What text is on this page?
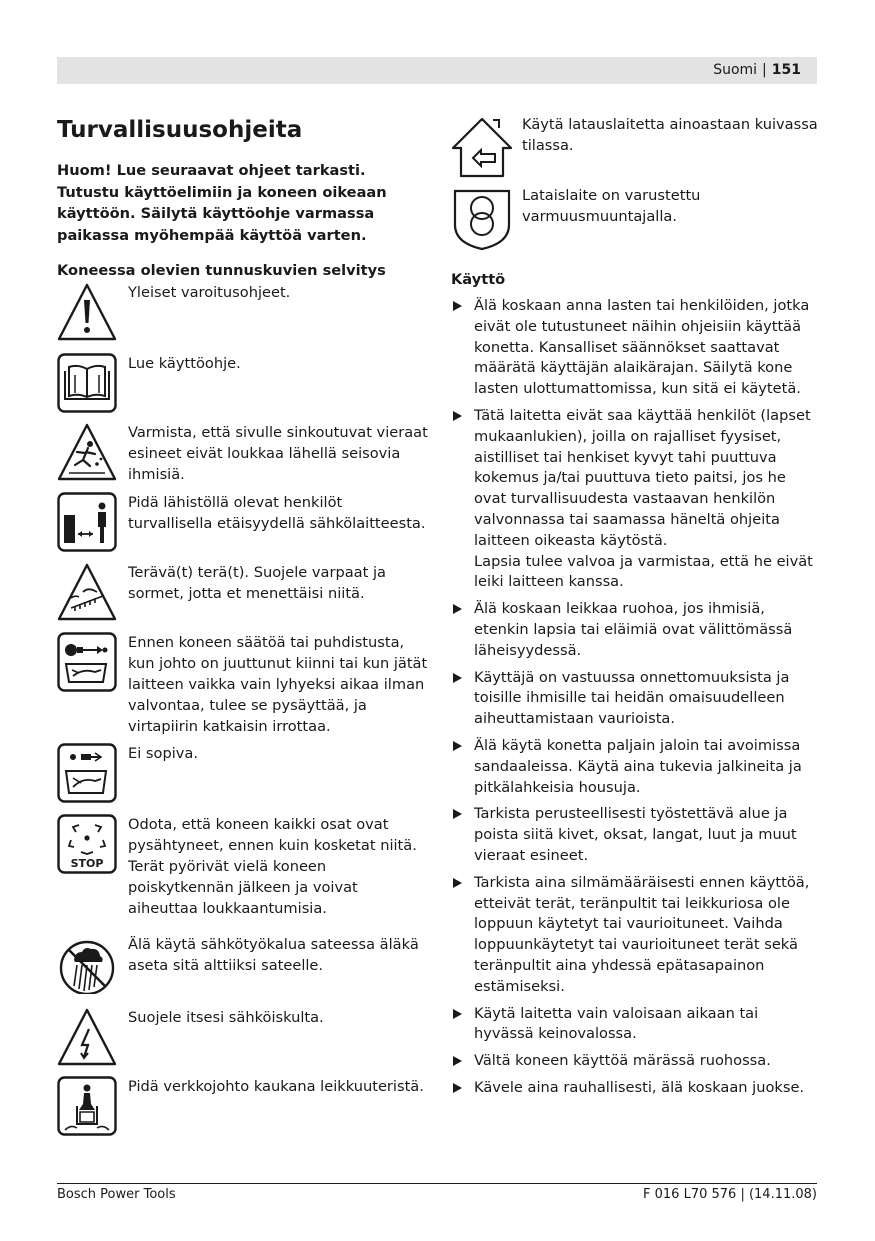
Suomi | 151
Turvallisuusohjeita

Huom! Lue seuraavat ohjeet tarkasti. Tutustu käyttöelimiin ja koneen oikeaan käyttöön. Säilytä käyttöohje varmassa paikassa myöhempää käyttöä varten.

Koneessa olevien tunnuskuvien selvitys

Yleiset varoitusohjeet.
Lue käyttöohje.
Varmista, että sivulle sinkoutuvat vieraat esineet eivät loukkaa lähellä seisovia ihmisiä.
Pidä lähistöllä olevat henkilöt turvallisella etäisyydellä sähkölaitteesta.
Terävä(t) terä(t). Suojele varpaat ja sormet, jotta et menettäisi niitä.
Ennen koneen säätöä tai puhdistusta, kun johto on juuttunut kiinni tai kun jätät laitteen vaikka vain lyhyeksi aikaa ilman valvontaa, tulee se pysäyttää, ja virtapiirin katkaisin irrottaa.
Ei sopiva.
STOP
Odota, että koneen kaikki osat ovat pysähtyneet, ennen kuin kosketat niitä. Terät pyörivät vielä koneen poiskytkennän jälkeen ja voivat aiheuttaa loukkaantumisia.
Älä käytä sähkötyökalua sateessa äläkä aseta sitä alttiiksi sateelle.
Suojele itsesi sähköiskulta.
Pidä verkkojohto kaukana leikkuuteristä.
Käytä latauslaitetta ainoastaan kuivassa tilassa.
Lataislaite on varustettu varmuusmuuntajalla.
Käyttö
Älä koskaan anna lasten tai henkilöiden, jotka eivät ole tutustuneet näihin ohjeisiin käyttää konetta. Kansalliset säännökset saattavat määrätä käyttäjän alaikärajan. Säilytä kone lasten ulottumattomissa, kun sitä ei käytetä.
Tätä laitetta eivät saa käyttää henkilöt (lapset mukaanlukien), joilla on rajalliset fyysiset, aistilliset tai henkiset kyvyt tahi puuttuva kokemus ja/tai puuttuva tieto paitsi, jos he ovat turvallisuudesta vastaavan henkilön valvonnassa tai saamassa häneltä ohjeita laitteen oikeasta käytöstä.
Lapsia tulee valvoa ja varmistaa, että he eivät leiki laitteen kanssa.
Älä koskaan leikkaa ruohoa, jos ihmisiä, etenkin lapsia tai eläimiä ovat välittömässä läheisyydessä.
Käyttäjä on vastuussa onnettomuuksista ja toisille ihmisille tai heidän omaisuudelleen aiheuttamistaan vaurioista.
Älä käytä konetta paljain jaloin tai avoimissa sandaaleissa. Käytä aina tukevia jalkineita ja pitkälahkeisia housuja.
Tarkista perusteellisesti työstettävä alue ja poista siitä kivet, oksat, langat, luut ja muut vieraat esineet.
Tarkista aina silmämääräisesti ennen käyttöä, etteivät terät, teränpultit tai leikkuriosa ole loppuun käytetyt tai vaurioituneet. Vaihda loppuunkäytetyt tai vaurioituneet terät sekä teränpultit aina yhdessä epätasapainon estämiseksi.
Käytä laitetta vain valoisaan aikaan tai hyvässä keinovalossa.
Vältä koneen käyttöä märässä ruohossa.
Kävele aina rauhallisesti, älä koskaan juokse.
Bosch Power Tools	F 016 L70 576 | (14.11.08)
